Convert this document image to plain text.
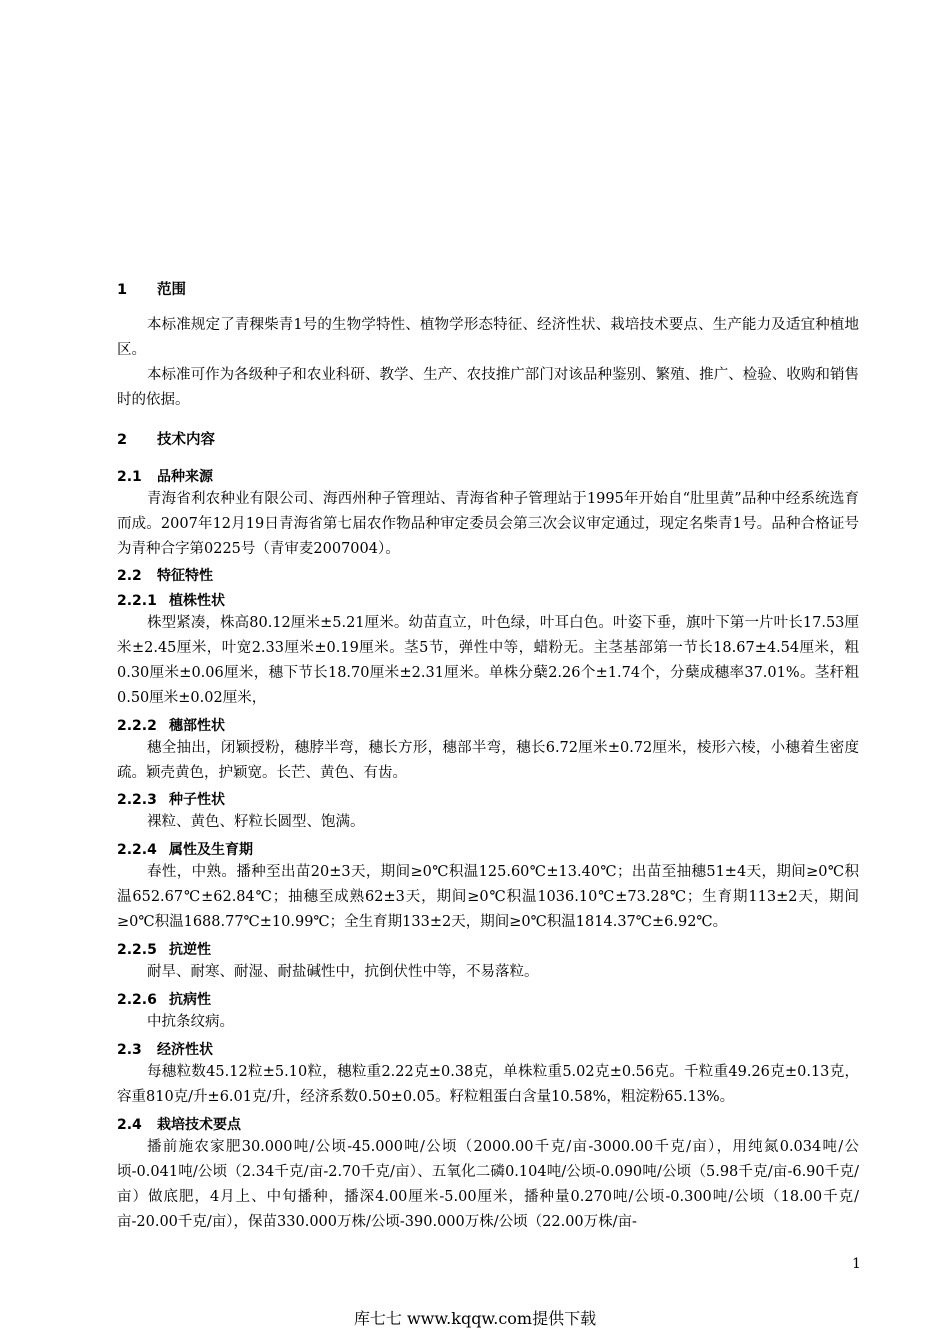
1 范围
本标准规定了青稞柴青1号的生物学特性、植物学形态特征、经济性状、栽培技术要点、生产能力及适宜种植地区。
本标准可作为各级种子和农业科研、教学、生产、农技推广部门对该品种鉴别、繁殖、推广、检验、收购和销售时的依据。
2 技术内容
2.1 品种来源
青海省利农种业有限公司、海西州种子管理站、青海省种子管理站于1995年开始自“肚里黄”品种中经系统选育而成。2007年12月19日青海省第七届农作物品种审定委员会第三次会议审定通过，现定名柴青1号。品种合格证号为青种合字第0225号（青审麦2007004）。
2.2 特征特性
2.2.1 植株性状
株型紧凑，株高80.12厘米±5.21厘米。幼苗直立，叶色绿，叶耳白色。叶姿下垂，旗叶下第一片叶长17.53厘米±2.45厘米，叶宽2.33厘米±0.19厘米。茎5节，弹性中等，蜡粉无。主茎基部第一节长18.67±4.54厘米，粗0.30厘米±0.06厘米，穗下节长18.70厘米±2.31厘米。单株分蘖2.26个±1.74个，分蘖成穗率37.01%。茎秆粗0.50厘米±0.02厘米，
2.2.2 穗部性状
穗全抽出，闭颖授粉，穗脖半弯，穗长方形，穗部半弯，穗长6.72厘米±0.72厘米，棱形六棱，小穗着生密度疏。颖壳黄色，护颖宽。长芒、黄色、有齿。
2.2.3 种子性状
裸粒、黄色、籽粒长圆型、饱满。
2.2.4 属性及生育期
春性，中熟。播种至出苗20±3天，期间≥0℃积温125.60℃±13.40℃；出苗至抽穗51±4天，期间≥0℃积温652.67℃±62.84℃；抽穗至成熟62±3天，期间≥0℃积温1036.10℃±73.28℃；生育期113±2天，期间≥0℃积温1688.77℃±10.99℃；全生育期133±2天，期间≥0℃积温1814.37℃±6.92℃。
2.2.5 抗逆性
耐旱、耐寒、耐湿、耐盐碱性中，抗倒伏性中等，不易落粒。
2.2.6 抗病性
中抗条纹病。
2.3 经济性状
每穗粒数45.12粒±5.10粒，穗粒重2.22克±0.38克，单株粒重5.02克±0.56克。千粒重49.26克±0.13克，容重810克/升±6.01克/升，经济系数0.50±0.05。籽粒粗蛋白含量10.58%，粗淀粉65.13%。
2.4 栽培技术要点
播前施农家肥30.000吨/公顷-45.000吨/公顷（2000.00千克/亩-3000.00千克/亩），用纯氮0.034吨/公顷-0.041吨/公顷（2.34千克/亩-2.70千克/亩）、五氧化二磷0.104吨/公顷-0.090吨/公顷（5.98千克/亩-6.90千克/亩）做底肥，4月上、中旬播种，播深4.00厘米-5.00厘米，播种量0.270吨/公顷-0.300吨/公顷（18.00千克/亩-20.00千克/亩），保苗330.000万株/公顷-390.000万株/公顷（22.00万株/亩-
1
库七七 www.kqqw.com提供下载
